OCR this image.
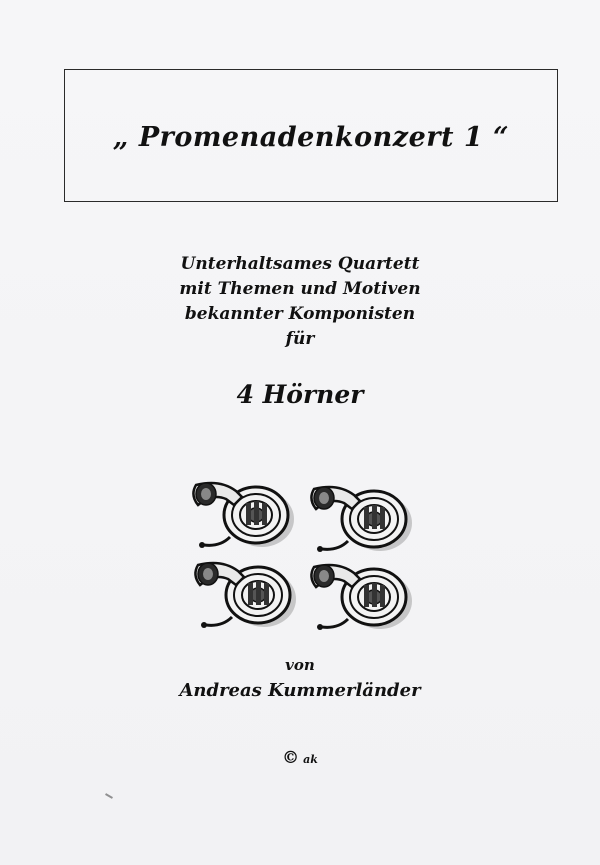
„ Promenadenkonzert 1 “
Unterhaltsames Quartett
mit Themen und Motiven
bekannter Komponisten
für
4 Hörner
von
Andreas Kummerländer
© ak
